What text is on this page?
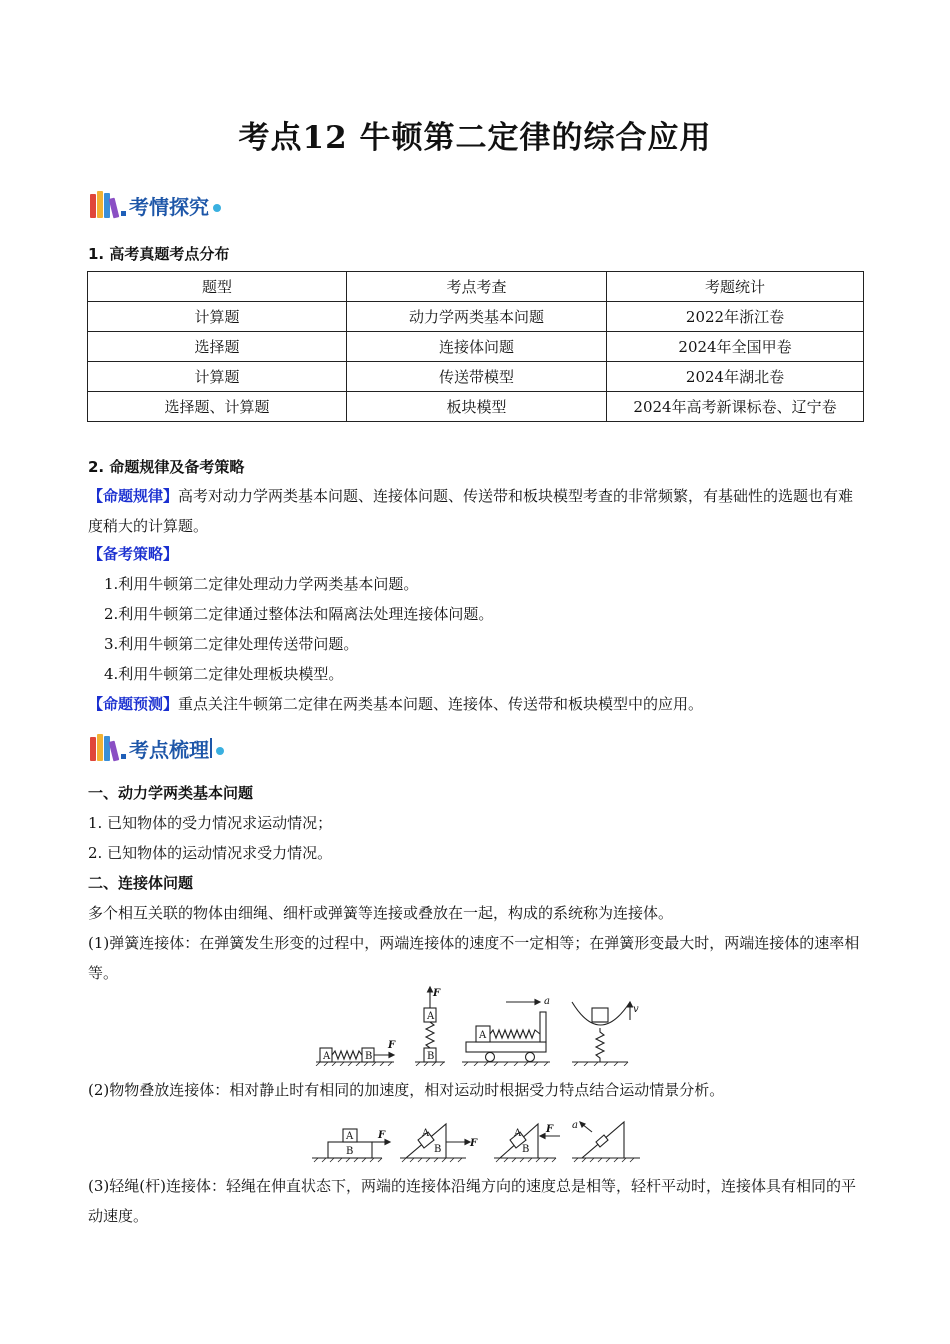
考点12 牛顿第二定律的综合应用
考情探究
1. 高考真题考点分布
题型	考点考查	考题统计
计算题	动力学两类基本问题	2022年浙江卷
选择题	连接体问题	2024年全国甲卷
计算题	传送带模型	2024年湖北卷
选择题、计算题	板块模型	2024年高考新课标卷、辽宁卷
2. 命题规律及备考策略
【命题规律】高考对动力学两类基本问题、连接体问题、传送带和板块模型考查的非常频繁，有基础性的选题也有难度稍大的计算题。
【备考策略】
1.利用牛顿第二定律处理动力学两类基本问题。
2.利用牛顿第二定律通过整体法和隔离法处理连接体问题。
3.利用牛顿第二定律处理传送带问题。
4.利用牛顿第二定律处理板块模型。
【命题预测】重点关注牛顿第二定律在两类基本问题、连接体、传送带和板块模型中的应用。
考点梳理
一、动力学两类基本问题
1. 已知物体的受力情况求运动情况；
2. 已知物体的运动情况求受力情况。
二、连接体问题
多个相互关联的物体由细绳、细杆或弹簧等连接或叠放在一起，构成的系统称为连接体。
(1)弹簧连接体：在弹簧发生形变的过程中，两端连接体的速度不一定相等；在弹簧形变最大时，两端连接体的速率相等。
A	B
F
B
A
F
A
a
v
(2)物物叠放连接体：相对静止时有相同的加速度，相对运动时根据受力特点结合运动情景分析。
A
B
F	A
B
F
A
B
F a
(3)轻绳(杆)连接体：轻绳在伸直状态下，两端的连接体沿绳方向的速度总是相等，轻杆平动时，连接体具有相同的平动速度。
